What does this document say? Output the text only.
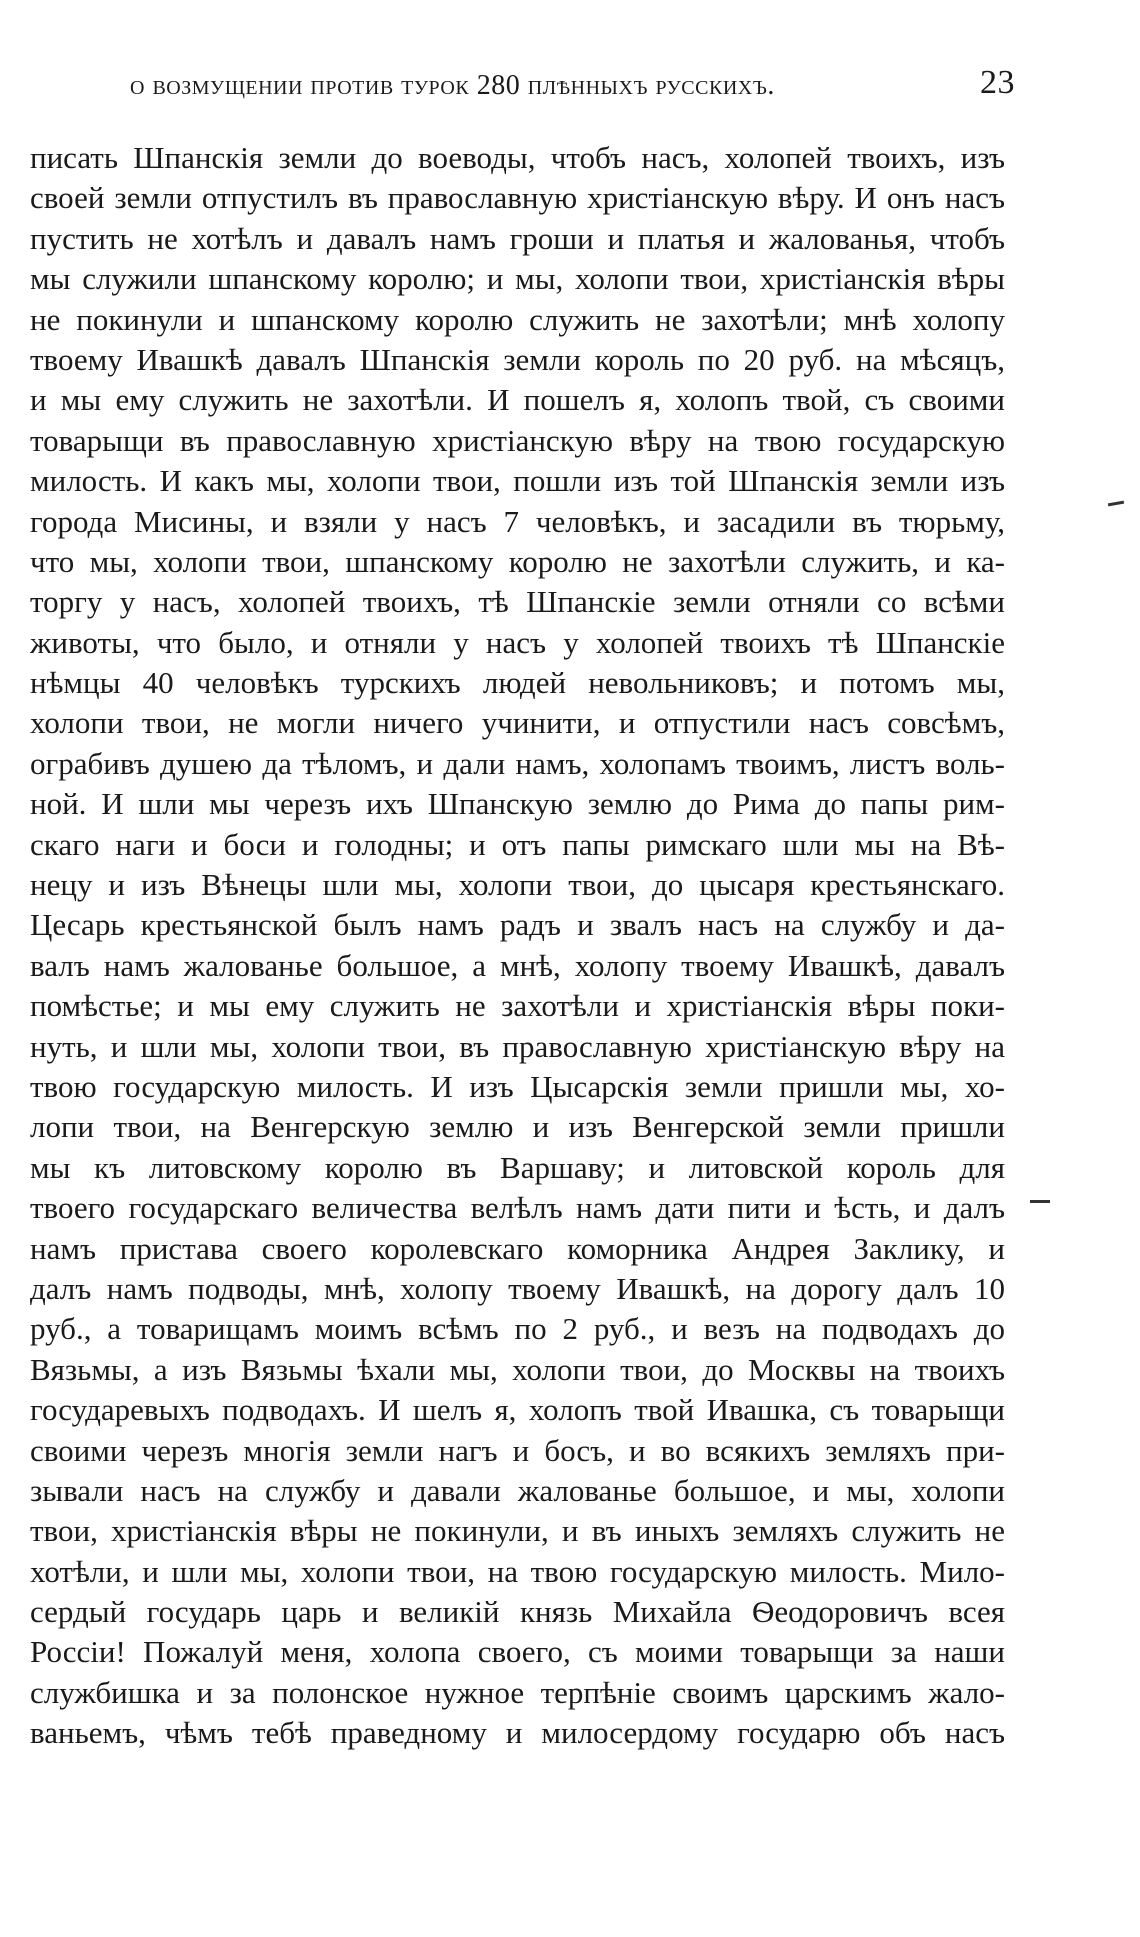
о возмущении против турок 280 плѣнныхъ русскихъ.	23
писать Шпанскія земли до воеводы, чтобъ насъ, холопей твоихъ, изъ
своей земли отпустилъ въ православную христіанскую вѣру. И онъ насъ
пустить не хотѣлъ и давалъ намъ гроши и платья и жалованья, чтобъ
мы служили шпанскому королю; и мы, холопи твои, христіанскія вѣры
не покинули и шпанскому королю служить не захотѣли; мнѣ холопу
твоему Ивашкѣ давалъ Шпанскія земли король по 20 руб. на мѣсяцъ,
и мы ему служить не захотѣли. И пошелъ я, холопъ твой, съ своими
товарыщи въ православную христіанскую вѣру на твою государскую
милость. И какъ мы, холопи твои, пошли изъ той Шпанскія земли изъ
города Мисины, и взяли у насъ 7 человѣкъ, и засадили въ тюрьму,
что мы, холопи твои, шпанскому королю не захотѣли служить, и ка-
торгу у насъ, холопей твоихъ, тѣ Шпанскіе земли отняли со всѣми
животы, что было, и отняли у насъ у холопей твоихъ тѣ Шпанскіе
нѣмцы 40 человѣкъ турскихъ людей невольниковъ; и потомъ мы,
холопи твои, не могли ничего учинити, и отпустили насъ совсѣмъ,
ограбивъ душею да тѣломъ, и дали намъ, холопамъ твоимъ, листъ воль-
ной. И шли мы черезъ ихъ Шпанскую землю до Рима до папы рим-
скаго наги и боси и голодны; и отъ папы римскаго шли мы на Вѣ-
нецу и изъ Вѣнецы шли мы, холопи твои, до цысаря крестьянскаго.
Цесарь крестьянской былъ намъ радъ и звалъ насъ на службу и да-
валъ намъ жалованье большое, а мнѣ, холопу твоему Ивашкѣ, давалъ
помѣстье; и мы ему служить не захотѣли и христіанскія вѣры поки-
нуть, и шли мы, холопи твои, въ православную христіанскую вѣру на
твою государскую милость. И изъ Цысарскія земли пришли мы, хо-
лопи твои, на Венгерскую землю и изъ Венгерской земли пришли
мы къ литовскому королю въ Варшаву; и литовской король для
твоего государскаго величества велѣлъ намъ дати пити и ѣсть, и далъ
намъ пристава своего королевскаго коморника Андрея Заклику, и
далъ намъ подводы, мнѣ, холопу твоему Ивашкѣ, на дорогу далъ 10
руб., а товарищамъ моимъ всѣмъ по 2 руб., и везъ на подводахъ до
Вязьмы, а изъ Вязьмы ѣхали мы, холопи твои, до Москвы на твоихъ
государевыхъ подводахъ. И шелъ я, холопъ твой Ивашка, съ товарыщи
своими черезъ многія земли нагъ и босъ, и во всякихъ земляхъ при-
зывали насъ на службу и давали жалованье большое, и мы, холопи
твои, христіанскія вѣры не покинули, и въ иныхъ земляхъ служить не
хотѣли, и шли мы, холопи твои, на твою государскую милость. Мило-
сердый государь царь и великій князь Михайла Ѳеодоровичъ всея
Россіи! Пожалуй меня, холопа своего, съ моими товарыщи за наши
службишка и за полонское нужное терпѣніе своимъ царскимъ жало-
ваньемъ, чѣмъ тебѣ праведному и милосердому государю объ насъ
